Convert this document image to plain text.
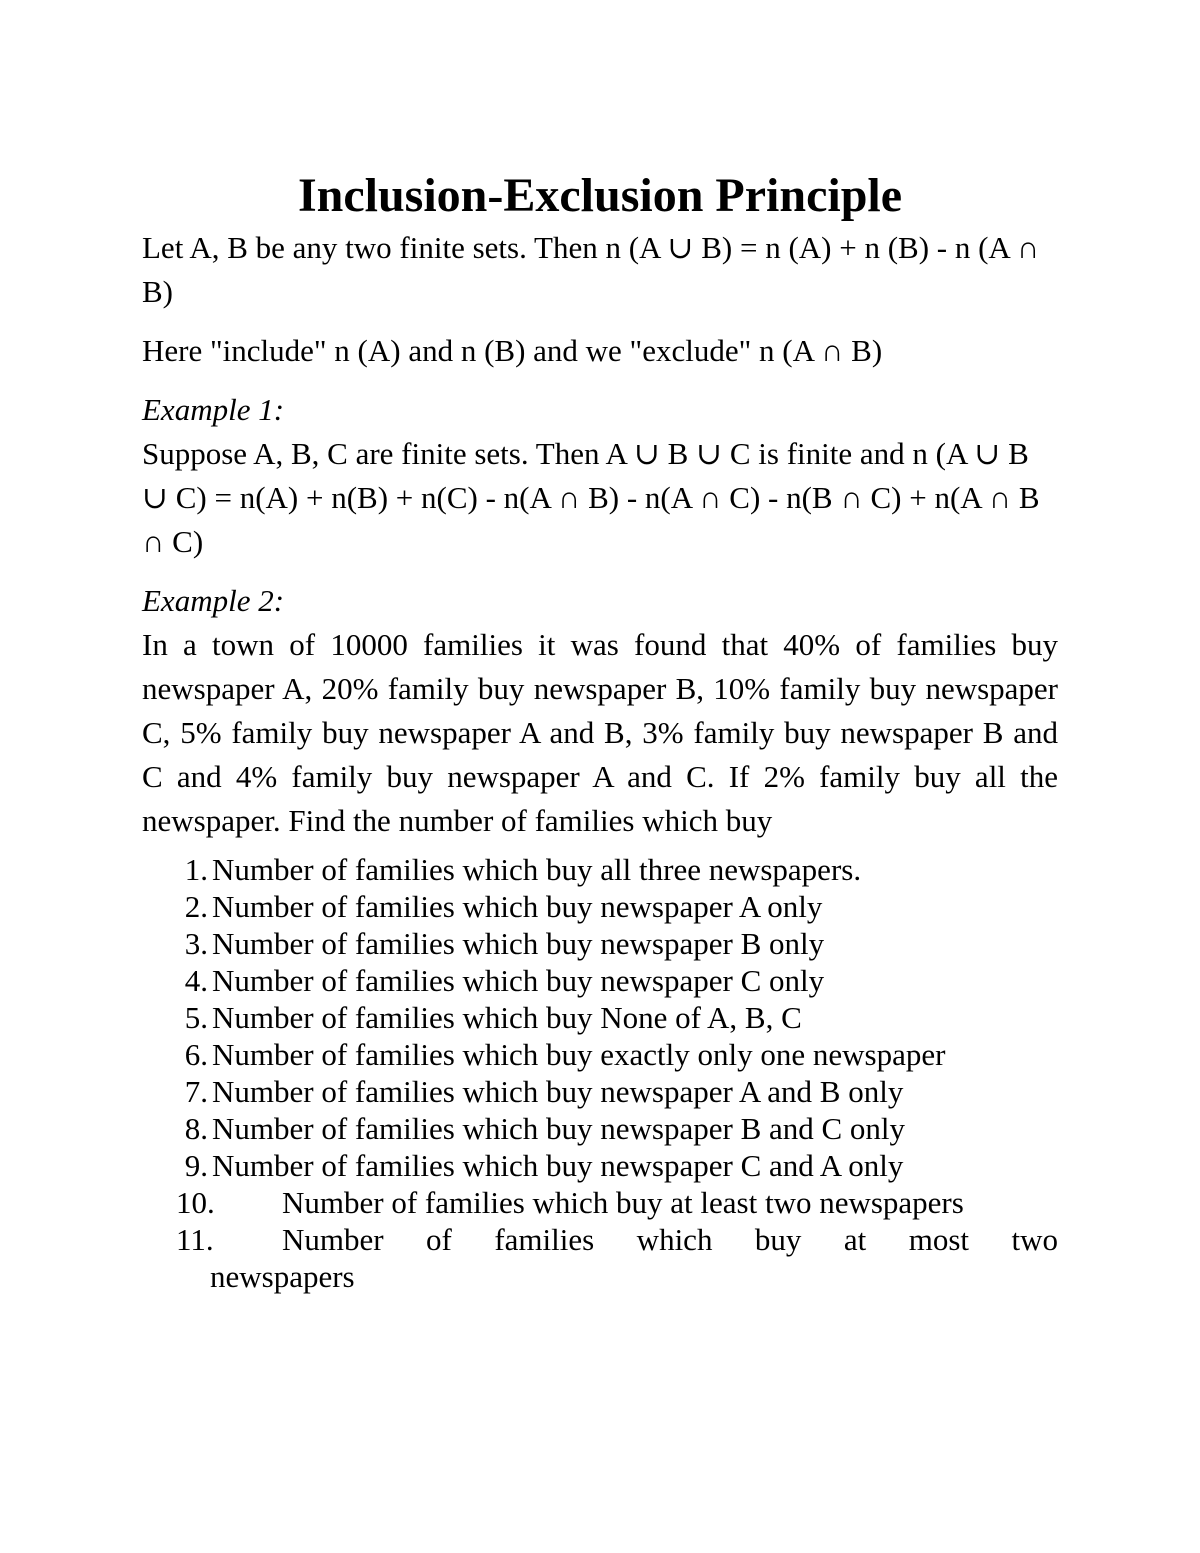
Inclusion-Exclusion Principle

Let A, B be any two finite sets. Then n (A ∪ B) = n (A) + n (B) - n (A ∩ B)

Here "include" n (A) and n (B) and we "exclude" n (A ∩ B)

Example 1:

Suppose A, B, C are finite sets. Then A ∪ B ∪ C is finite and n (A ∪ B ∪ C) = n(A) + n(B) + n(C) - n(A ∩ B) - n(A ∩ C) - n(B ∩ C) + n(A ∩ B ∩ C)

Example 2:

In a town of 10000 families it was found that 40% of families buy newspaper A, 20% family buy newspaper B, 10% family buy newspaper C, 5% family buy newspaper A and B, 3% family buy newspaper B and C and 4% family buy newspaper A and C. If 2% family buy all the newspaper. Find the number of families which buy

1. Number of families which buy all three newspapers.
2. Number of families which buy newspaper A only
3. Number of families which buy newspaper B only
4. Number of families which buy newspaper C only
5. Number of families which buy None of A, B, C
6. Number of families which buy exactly only one newspaper
7. Number of families which buy newspaper A and B only
8. Number of families which buy newspaper B and C only
9. Number of families which buy newspaper C and A only
10.	Number of families which buy at least two newspapers
11.	Number of families which buy at most two
newspapers
